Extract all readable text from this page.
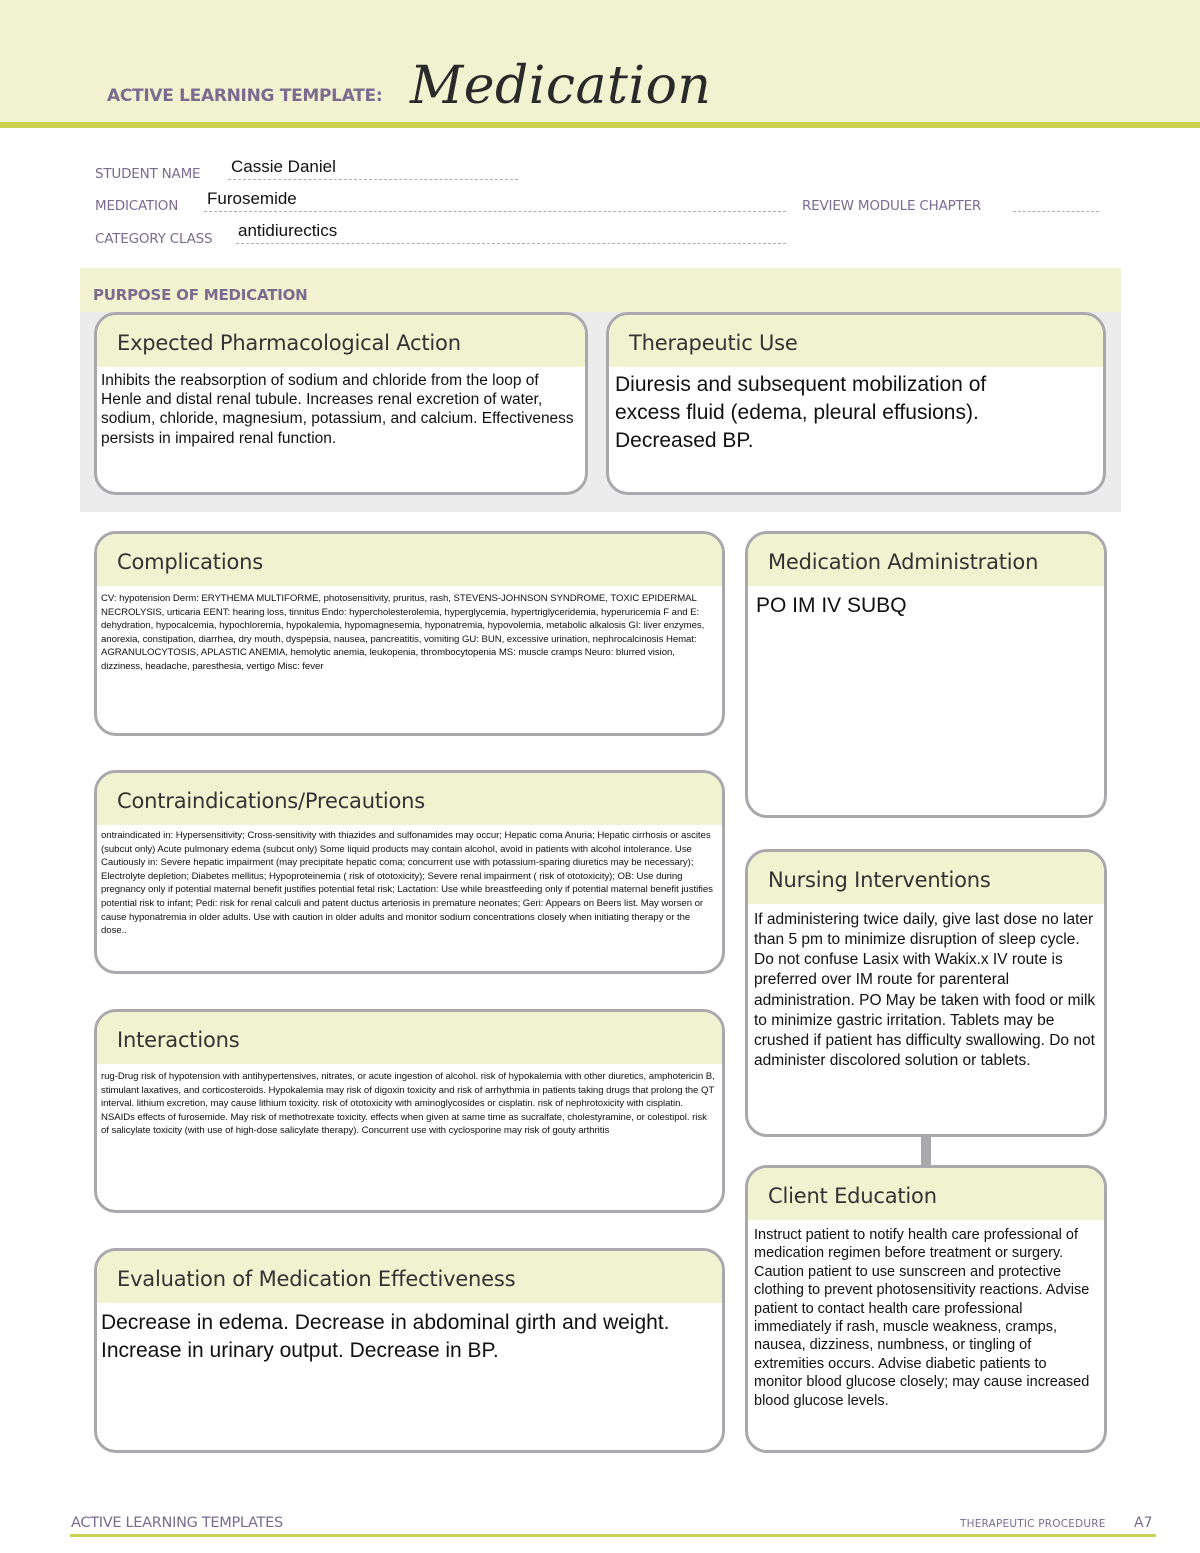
ACTIVE LEARNING TEMPLATE: Medication
STUDENT NAME Cassie Daniel
MEDICATION Furosemide	REVIEW MODULE CHAPTER
CATEGORY CLASS antidiurectics
PURPOSE OF MEDICATION
Expected Pharmacological Action
Inhibits the reabsorption of sodium and chloride from the loop of Henle and distal renal tubule. Increases renal excretion of water, sodium, chloride, magnesium, potassium, and calcium. Effectiveness persists in impaired renal function.
Therapeutic Use
Diuresis and subsequent mobilization of excess fluid (edema, pleural effusions). Decreased BP.
Complications
CV: hypotension Derm: ERYTHEMA MULTIFORME, photosensitivity, pruritus, rash, STEVENS-JOHNSON SYNDROME, TOXIC EPIDERMAL NECROLYSIS, urticaria EENT: hearing loss, tinnitus Endo: hypercholesterolemia, hyperglycemia, hypertriglyceridemia, hyperuricemia F and E: dehydration, hypocalcemia, hypochloremia, hypokalemia, hypomagnesemia, hyponatremia, hypovolemia, metabolic alkalosis GI: liver enzymes, anorexia, constipation, diarrhea, dry mouth, dyspepsia, nausea, pancreatitis, vomiting GU: BUN, excessive urination, nephrocalcinosis Hemat: AGRANULOCYTOSIS, APLASTIC ANEMIA, hemolytic anemia, leukopenia, thrombocytopenia MS: muscle cramps Neuro: blurred vision, dizziness, headache, paresthesia, vertigo Misc: fever
Contraindications/Precautions
ontraindicated in: Hypersensitivity; Cross-sensitivity with thiazides and sulfonamides may occur; Hepatic coma Anuria; Hepatic cirrhosis or ascites (subcut only) Acute pulmonary edema (subcut only) Some liquid products may contain alcohol, avoid in patients with alcohol intolerance. Use Cautiously in: Severe hepatic impairment (may precipitate hepatic coma; concurrent use with potassium-sparing diuretics may be necessary); Electrolyte depletion; Diabetes mellitus; Hypoproteinemia ( risk of ototoxicity); Severe renal impairment ( risk of ototoxicity); OB: Use during pregnancy only if potential maternal benefit justifies potential fetal risk; Lactation: Use while breastfeeding only if potential maternal benefit justifies potential risk to infant; Pedi: risk for renal calculi and patent ductus arteriosis in premature neonates; Geri: Appears on Beers list. May worsen or cause hyponatremia in older adults. Use with caution in older adults and monitor sodium concentrations closely when initiating therapy or the dose..
Interactions
rug-Drug risk of hypotension with antihypertensives, nitrates, or acute ingestion of alcohol. risk of hypokalemia with other diuretics, amphotericin B, stimulant laxatives, and corticosteroids. Hypokalemia may risk of digoxin toxicity and risk of arrhythmia in patients taking drugs that prolong the QT interval. lithium excretion, may cause lithium toxicity. risk of ototoxicity with aminoglycosides or cisplatin. risk of nephrotoxicity with cisplatin. NSAIDs effects of furosemide. May risk of methotrexate toxicity. effects when given at same time as sucralfate, cholestyramine, or colestipol. risk of salicylate toxicity (with use of high-dose salicylate therapy). Concurrent use with cyclosporine may risk of gouty arthritis
Evaluation of Medication Effectiveness
Decrease in edema. Decrease in abdominal girth and weight. Increase in urinary output. Decrease in BP.
Medication Administration
PO IM IV SUBQ
Nursing Interventions
If administering twice daily, give last dose no later than 5 pm to minimize disruption of sleep cycle. Do not confuse Lasix with Wakix.x IV route is preferred over IM route for parenteral administration. PO May be taken with food or milk to minimize gastric irritation. Tablets may be crushed if patient has difficulty swallowing. Do not administer discolored solution or tablets.
Client Education
Instruct patient to notify health care professional of medication regimen before treatment or surgery. Caution patient to use sunscreen and protective clothing to prevent photosensitivity reactions. Advise patient to contact health care professional immediately if rash, muscle weakness, cramps, nausea, dizziness, numbness, or tingling of extremities occurs. Advise diabetic patients to monitor blood glucose closely; may cause increased blood glucose levels.
ACTIVE LEARNING TEMPLATES	THERAPEUTIC PROCEDURE A7
